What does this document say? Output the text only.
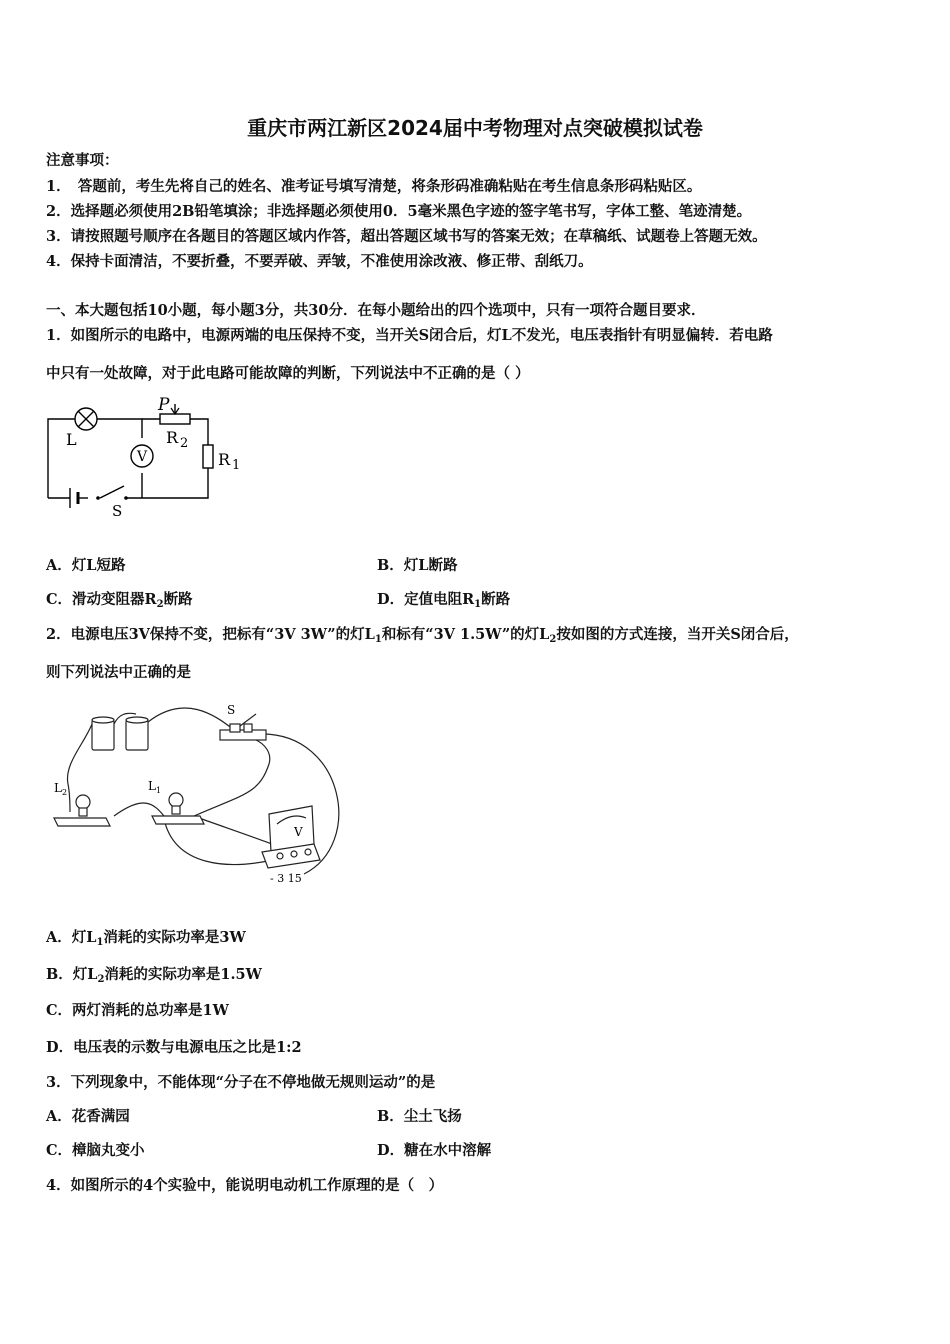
重庆市两江新区2024届中考物理对点突破模拟试卷
注意事项：
1．　答题前，考生先将自己的姓名、准考证号填写清楚，将条形码准确粘贴在考生信息条形码粘贴区。
2．选择题必须使用2B铅笔填涂；非选择题必须使用0．5毫米黑色字迹的签字笔书写，字体工整、笔迹清楚。
3．请按照题号顺序在各题目的答题区域内作答，超出答题区域书写的答案无效；在草稿纸、试题卷上答题无效。
4．保持卡面清洁，不要折叠，不要弄破、弄皱，不准使用涂改液、修正带、刮纸刀。
一、本大题包括10小题，每小题3分，共30分．在每小题给出的四个选项中，只有一项符合题目要求．
1．如图所示的电路中，电源两端的电压保持不变，当开关S闭合后，灯L不发光，电压表指针有明显偏转．若电路
中只有一处故障，对于此电路可能故障的判断，下列说法中不正确的是（ ）
V
L
P
R $_2$
R $_1$
S
A．灯L短路	B．灯L断路
C．滑动变阻器$R_2$断路	D．定值电阻$R_1$断路
2．电源电压3V保持不变，把标有“3V 3W”的灯$L_1$和标有“3V 1.5W”的灯$L_2$按如图的方式连接，当开关S闭合后，
则下列说法中正确的是
S
$L_2$	$L_1$
V
- 3 15
A．灯$L_1$消耗的实际功率是3W
B．灯$L_2$消耗的实际功率是1.5W
C．两灯消耗的总功率是1W
D．电压表的示数与电源电压之比是1:2
3．下列现象中，不能体现“分子在不停地做无规则运动”的是
A．花香满园	B．尘土飞扬
C．樟脑丸变小	D．糖在水中溶解
4．如图所示的4个实验中，能说明电动机工作原理的是（　）
